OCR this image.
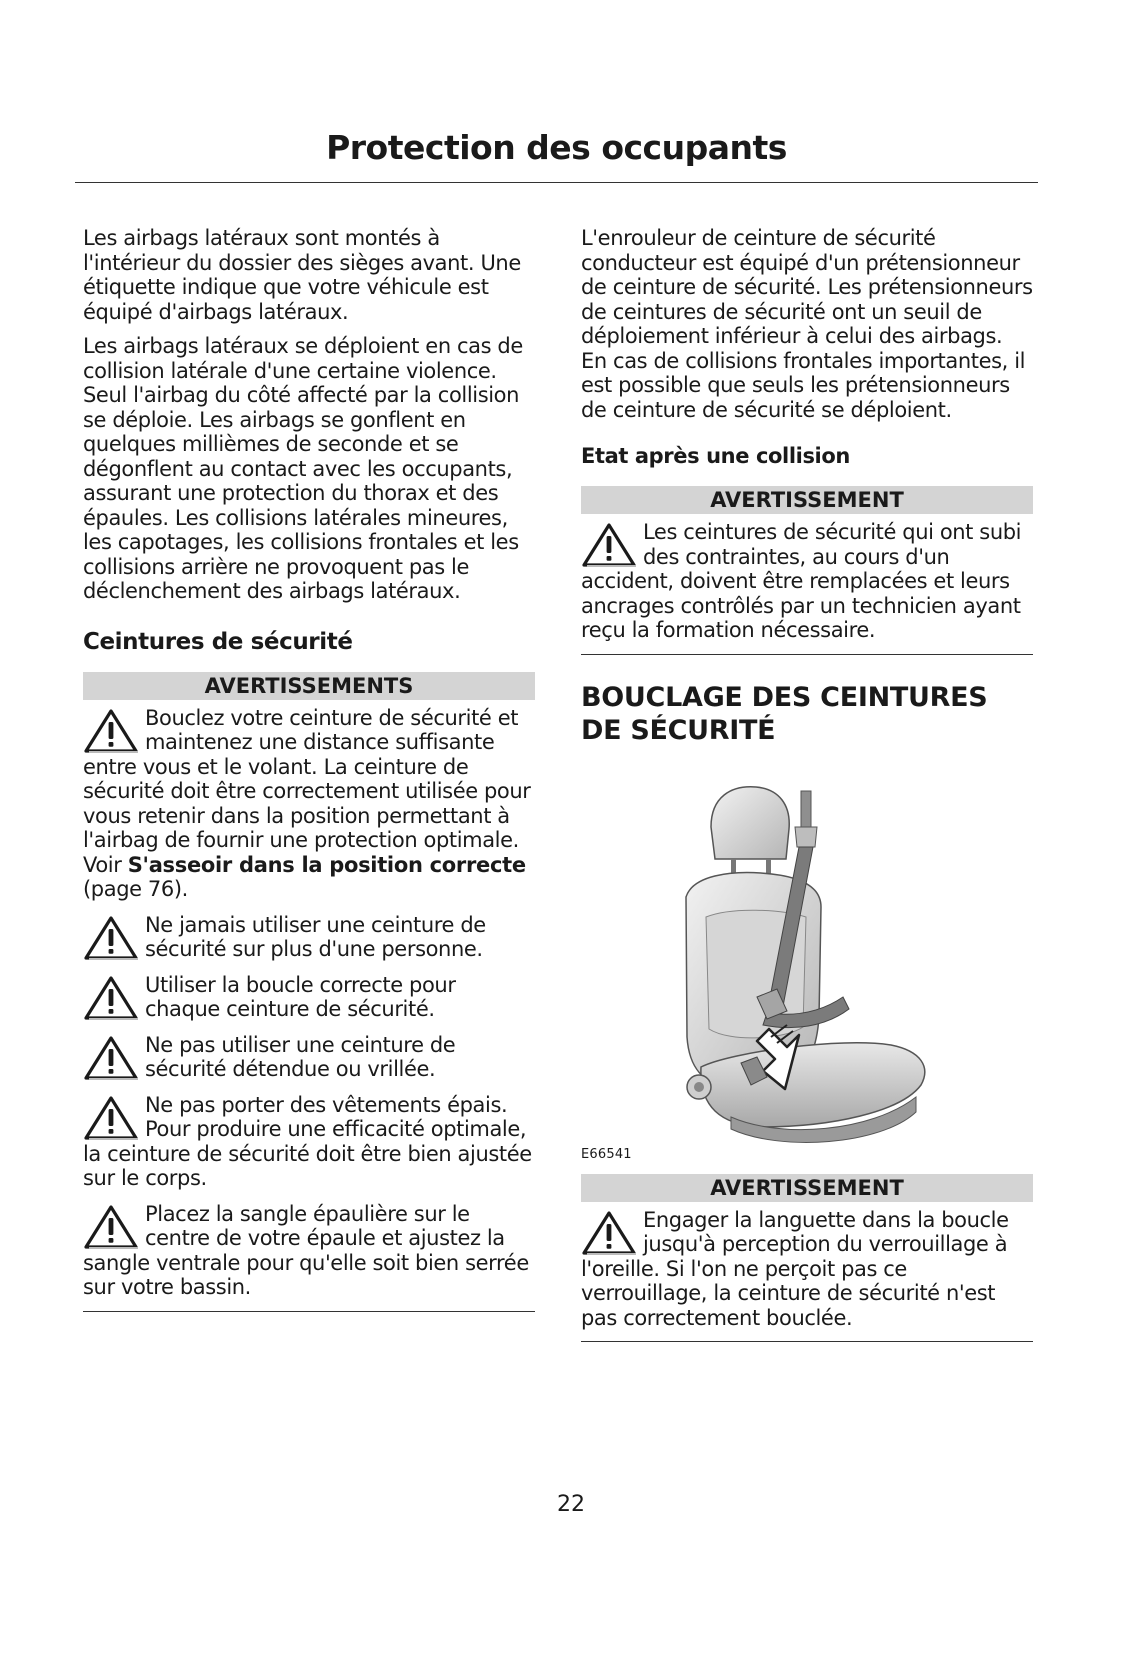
Protection des occupants

Les airbags latéraux sont montés à l'intérieur du dossier des sièges avant. Une étiquette indique que votre véhicule est équipé d'airbags latéraux.

Les airbags latéraux se déploient en cas de collision latérale d'une certaine violence. Seul l'airbag du côté affecté par la collision se déploie. Les airbags se gonflent en quelques millièmes de seconde et se dégonflent au contact avec les occupants, assurant une protection du thorax et des épaules. Les collisions latérales mineures, les capotages, les collisions frontales et les collisions arrière ne provoquent pas le déclenchement des airbags latéraux.

Ceintures de sécurité
AVERTISSEMENTS
Bouclez votre ceinture de sécurité et maintenez une distance suffisante entre vous et le volant. La ceinture de sécurité doit être correctement utilisée pour vous retenir dans la position permettant à l'airbag de fournir une protection optimale. Voir S'asseoir dans la position correcte (page 76).
Ne jamais utiliser une ceinture de sécurité sur plus d'une personne.
Utiliser la boucle correcte pour chaque ceinture de sécurité.
Ne pas utiliser une ceinture de sécurité détendue ou vrillée.
Ne pas porter des vêtements épais. Pour produire une efficacité optimale, la ceinture de sécurité doit être bien ajustée sur le corps.
Placez la sangle épaulière sur le centre de votre épaule et ajustez la sangle ventrale pour qu'elle soit bien serrée sur votre bassin.

L'enrouleur de ceinture de sécurité conducteur est équipé d'un prétensionneur de ceinture de sécurité. Les prétensionneurs de ceintures de sécurité ont un seuil de déploiement inférieur à celui des airbags. En cas de collisions frontales importantes, il est possible que seuls les prétensionneurs de ceinture de sécurité se déploient.

Etat après une collision
AVERTISSEMENT
Les ceintures de sécurité qui ont subi des contraintes, au cours d'un accident, doivent être remplacées et leurs ancrages contrôlés par un technicien ayant reçu la formation nécessaire.
BOUCLAGE DES CEINTURES DE SÉCURITÉ
E66541
AVERTISSEMENT
Engager la languette dans la boucle jusqu'à perception du verrouillage à l'oreille. Si l'on ne perçoit pas ce verrouillage, la ceinture de sécurité n'est pas correctement bouclée.
22
